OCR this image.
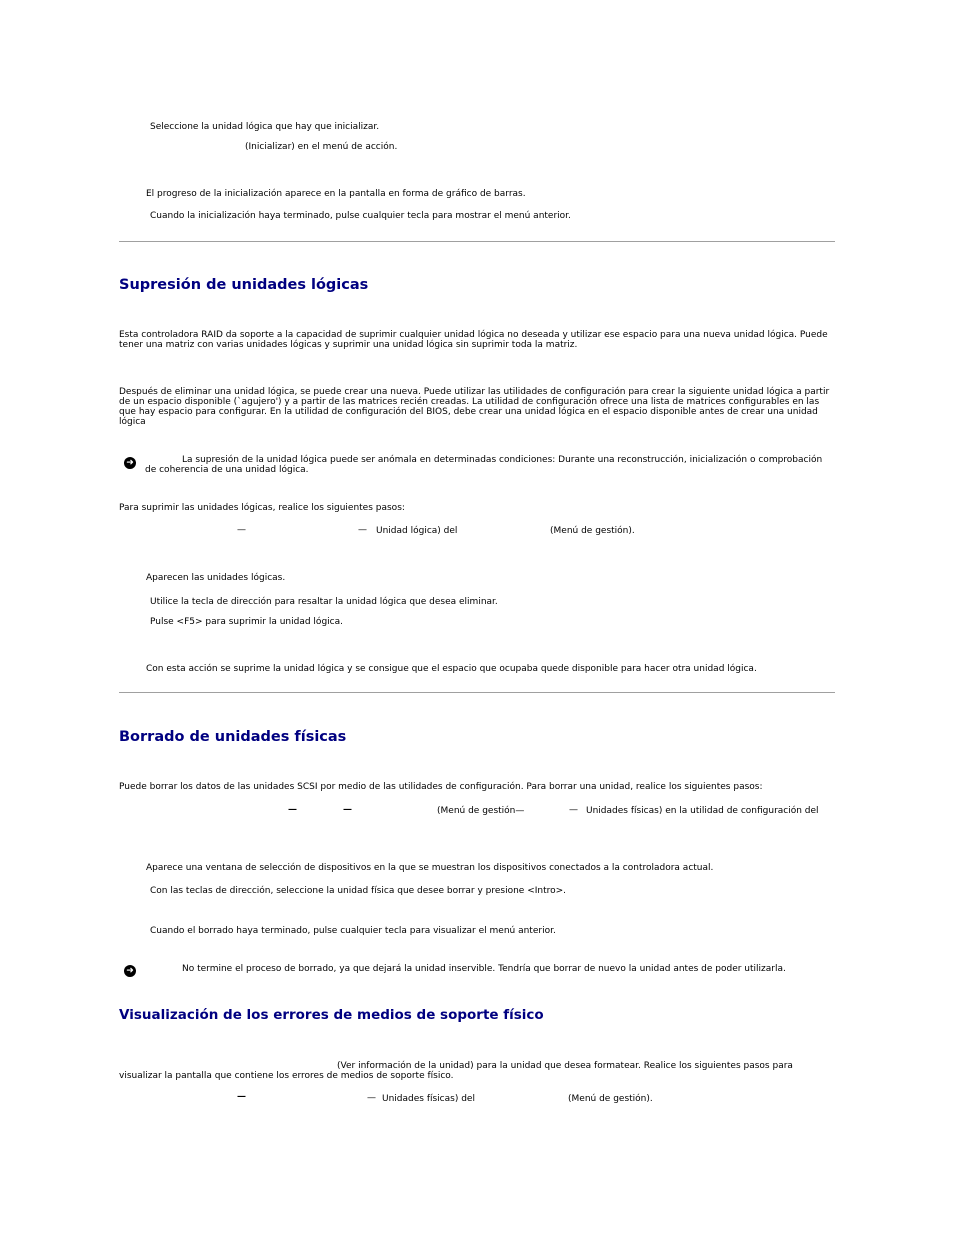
Seleccione la unidad lógica que hay que inicializar.
(Inicializar) en el menú de acción.
El progreso de la inicialización aparece en la pantalla en forma de gráfico de barras.
Cuando la inicialización haya terminado, pulse cualquier tecla para mostrar el menú anterior.
Supresión de unidades lógicas
Esta controladora RAID da soporte a la capacidad de suprimir cualquier unidad lógica no deseada y utilizar ese espacio para una nueva unidad lógica. Puede tener una matriz con varias unidades lógicas y suprimir una unidad lógica sin suprimir toda la matriz.
Después de eliminar una unidad lógica, se puede crear una nueva. Puede utilizar las utilidades de configuración para crear la siguiente unidad lógica a partir de un espacio disponible (`agujero') y a partir de las matrices recién creadas. La utilidad de configuración ofrece una lista de matrices configurables en las que hay espacio para configurar. En la utilidad de configuración del BIOS, debe crear una unidad lógica en el espacio disponible antes de crear una unidad lógica
➜	La supresión de la unidad lógica puede ser anómala en determinadas condiciones: Durante una reconstrucción, inicialización o comprobación de coherencia de una unidad lógica.
Para suprimir las unidades lógicas, realice los siguientes pasos:
—	— Unidad lógica) del	(Menú de gestión).
Aparecen las unidades lógicas.
Utilice la tecla de dirección para resaltar la unidad lógica que desea eliminar.
Pulse <F5> para suprimir la unidad lógica.
Con esta acción se suprime la unidad lógica y se consigue que el espacio que ocupaba quede disponible para hacer otra unidad lógica.
Borrado de unidades físicas
Puede borrar los datos de las unidades SCSI por medio de las utilidades de configuración. Para borrar una unidad, realice los siguientes pasos:
—	—	(Menú de gestión—	— Unidades físicas) en la utilidad de configuración del
Aparece una ventana de selección de dispositivos en la que se muestran los dispositivos conectados a la controladora actual.
Con las teclas de dirección, seleccione la unidad física que desee borrar y presione <Intro>.
Cuando el borrado haya terminado, pulse cualquier tecla para visualizar el menú anterior.
➜	No termine el proceso de borrado, ya que dejará la unidad inservible. Tendría que borrar de nuevo la unidad antes de poder utilizarla.
Visualización de los errores de medios de soporte físico
(Ver información de la unidad) para la unidad que desea formatear. Realice los siguientes pasos para visualizar la pantalla que contiene los errores de medios de soporte físico.
—	— Unidades físicas) del	(Menú de gestión).
